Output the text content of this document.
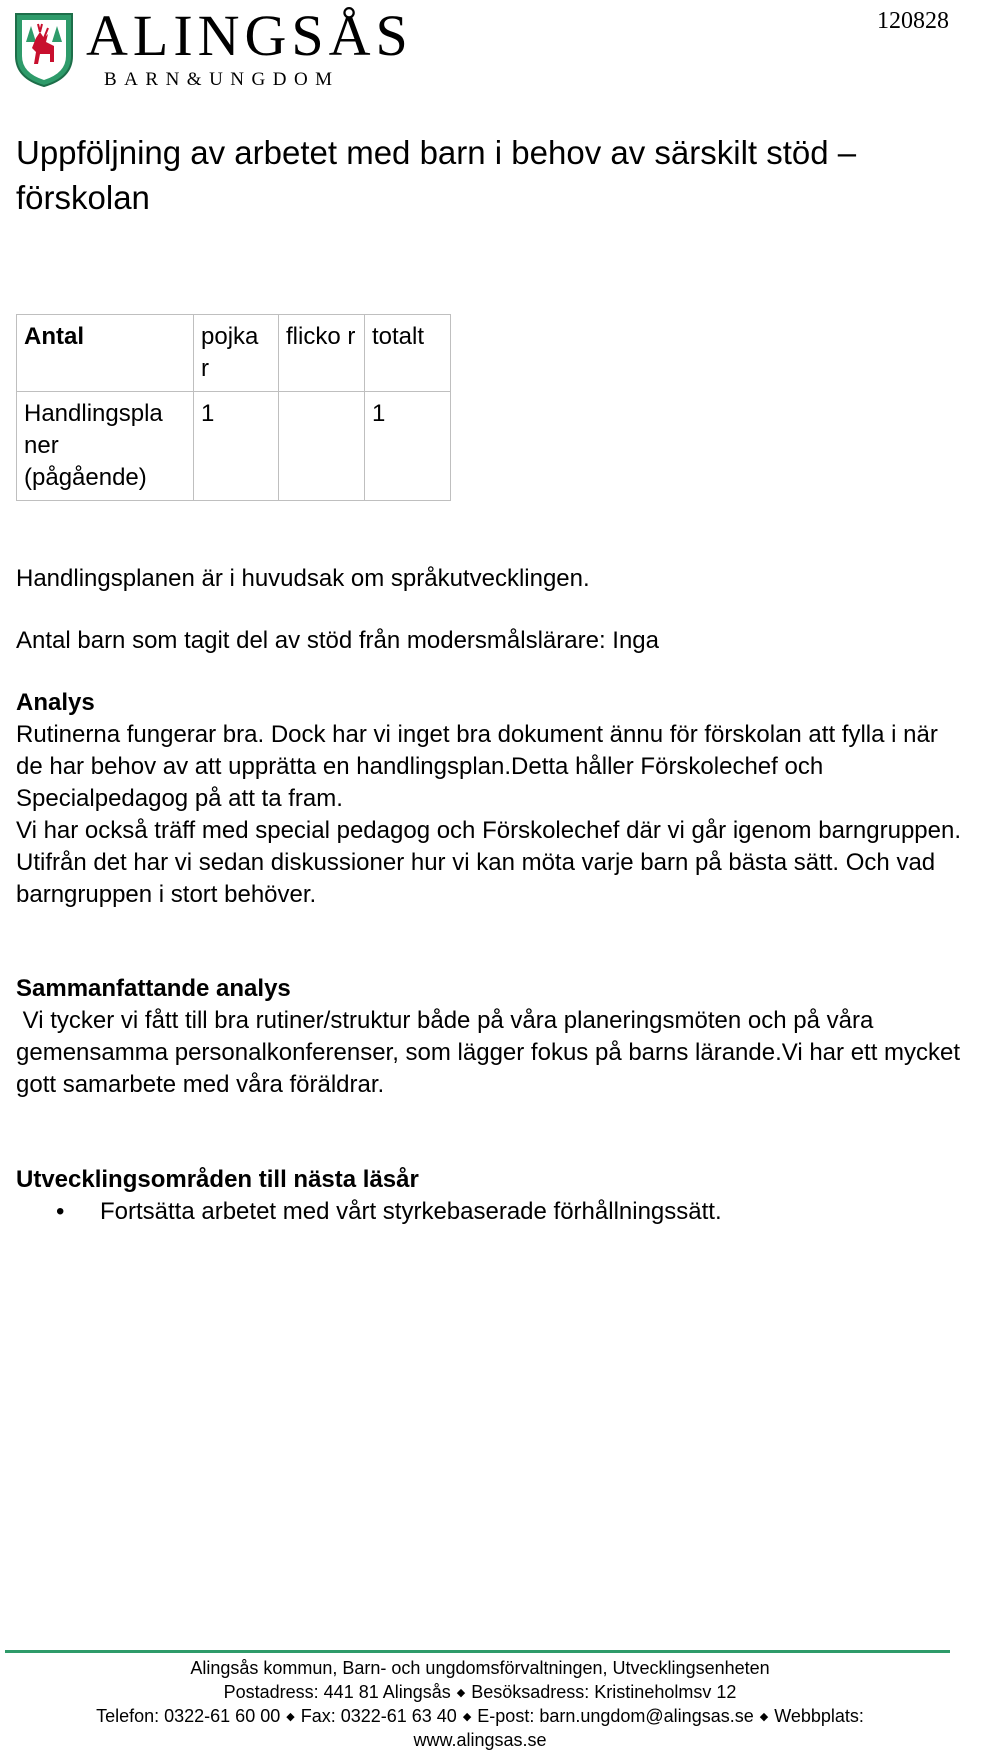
ALINGSÅS
BARN&UNGDOM
120828
Uppföljning av arbetet med barn i behov av särskilt stöd – förskolan
Antal	pojka r	flicko r	totalt
Handlingspla ner (pågående)	1		1

Handlingsplanen är i huvudsak om språkutvecklingen.

Antal barn som tagit del av stöd från modersmålslärare: Inga

Analys

Rutinerna fungerar bra. Dock har vi inget bra dokument ännu för förskolan att fylla i när de har behov av att upprätta en handlingsplan.Detta håller Förskolechef och Specialpedagog på att ta fram.

Vi har också träff med special pedagog och Förskolechef där vi går igenom barngruppen. Utifrån det har vi sedan diskussioner hur vi kan möta varje barn på bästa sätt. Och vad barngruppen i stort behöver.

Sammanfattande analys

Vi tycker vi fått till bra rutiner/struktur både på våra planeringsmöten och på våra gemensamma personalkonferenser, som lägger fokus på barns lärande.Vi har ett mycket gott samarbete med våra föräldrar.

Utvecklingsområden till nästa läsår

• Fortsätta arbetet med vårt styrkebaserade förhållningssätt.
Alingsås kommun, Barn- och ungdomsförvaltningen, Utvecklingsenheten
Postadress: 441 81 Alingsås ◆ Besöksadress: Kristineholmsv 12
Telefon: 0322-61 60 00 ◆ Fax: 0322-61 63 40 ◆ E-post: barn.ungdom@alingsas.se ◆ Webbplats:
www.alingsas.se
